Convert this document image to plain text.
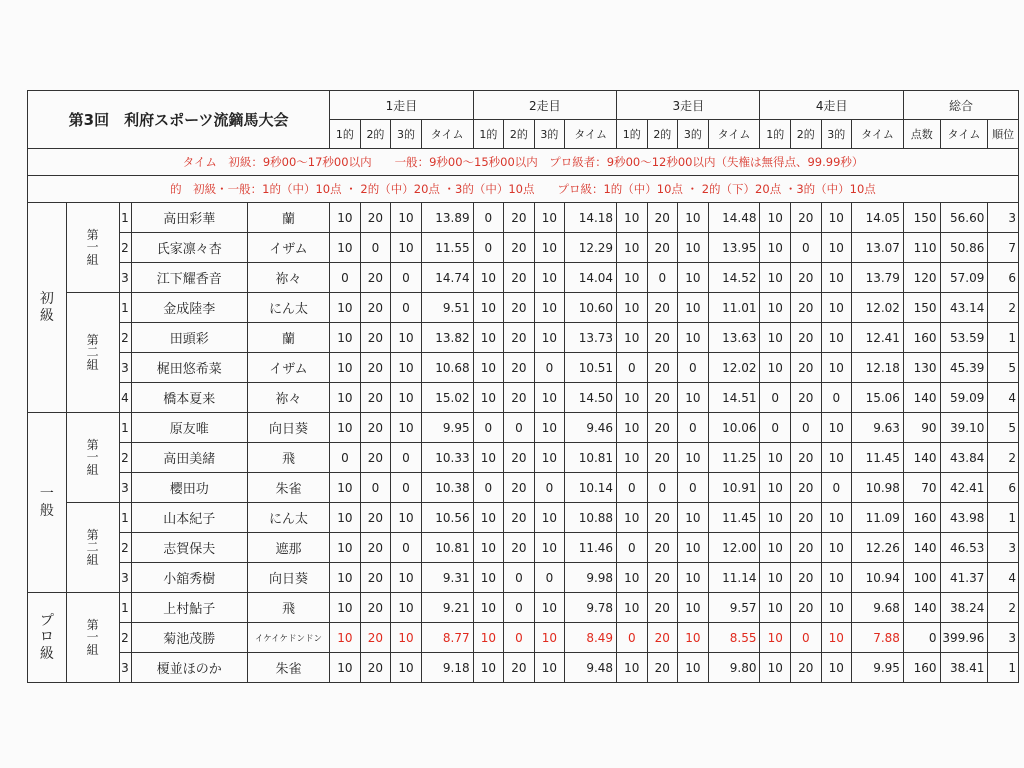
第3回　利府スポーツ流鏑馬大会					1走目				2走目				3走目				4走目				総合		
					1的	2的	3的	タイム	1的	2的	3的	タイム	1的	2的	3的	タイム	1的	2的	3的	タイム	点数	タイム	順位
タイム　初級：9秒00～17秒00以内　　一般：9秒00～15秒00以内　プロ級者：9秒00～12秒00以内（失権は無得点、99.99秒）																							
的　初級・一般：1的（中）10点 ・ 2的（中）20点 ・3的（中）10点　　プロ級：1的（中）10点 ・ 2的（下）20点 ・3的（中）10点																							
初級	第一組	1	高田彩華	蘭	10	20	10	13.89	0	20	10	14.18	10	20	10	14.48	10	20	10	14.05	150	56.60	3
		2	氏家凛々杏	イザム	10	0	10	11.55	0	20	10	12.29	10	20	10	13.95	10	0	10	13.07	110	50.86	7
		3	江下耀香音	祢々	0	20	0	14.74	10	20	10	14.04	10	0	10	14.52	10	20	10	13.79	120	57.09	6
	第二組	1	金成陸李	にん太	10	20	0	9.51	10	20	10	10.60	10	20	10	11.01	10	20	10	12.02	150	43.14	2
		2	田頭彩	蘭	10	20	10	13.82	10	20	10	13.73	10	20	10	13.63	10	20	10	12.41	160	53.59	1
		3	梶田悠希菜	イザム	10	20	10	10.68	10	20	0	10.51	0	20	0	12.02	10	20	10	12.18	130	45.39	5
		4	橋本夏来	祢々	10	20	10	15.02	10	20	10	14.50	10	20	10	14.51	0	20	0	15.06	140	59.09	4
一般	第一組	1	原友唯	向日葵	10	20	10	9.95	0	0	10	9.46	10	20	0	10.06	0	0	10	9.63	90	39.10	5
		2	高田美緒	飛	0	20	0	10.33	10	20	10	10.81	10	20	10	11.25	10	20	10	11.45	140	43.84	2
		3	櫻田功	朱雀	10	0	0	10.38	0	20	0	10.14	0	0	0	10.91	10	20	0	10.98	70	42.41	6
	第二組	1	山本紀子	にん太	10	20	10	10.56	10	20	10	10.88	10	20	10	11.45	10	20	10	11.09	160	43.98	1
		2	志賀保夫	遮那	10	20	0	10.81	10	20	10	11.46	0	20	10	12.00	10	20	10	12.26	140	46.53	3
		3	小舘秀樹	向日葵	10	20	10	9.31	10	0	0	9.98	10	20	10	11.14	10	20	10	10.94	100	41.37	4
プロ級	第一組	1	上村鮎子	飛	10	20	10	9.21	10	0	10	9.78	10	20	10	9.57	10	20	10	9.68	140	38.24	2
		2	菊池茂勝	イケイケドンドン	10	20	10	8.77	10	0	10	8.49	0	20	10	8.55	10	0	10	7.88	0	399.96	3
		3	榎並ほのか	朱雀	10	20	10	9.18	10	20	10	9.48	10	20	10	9.80	10	20	10	9.95	160	38.41	1
